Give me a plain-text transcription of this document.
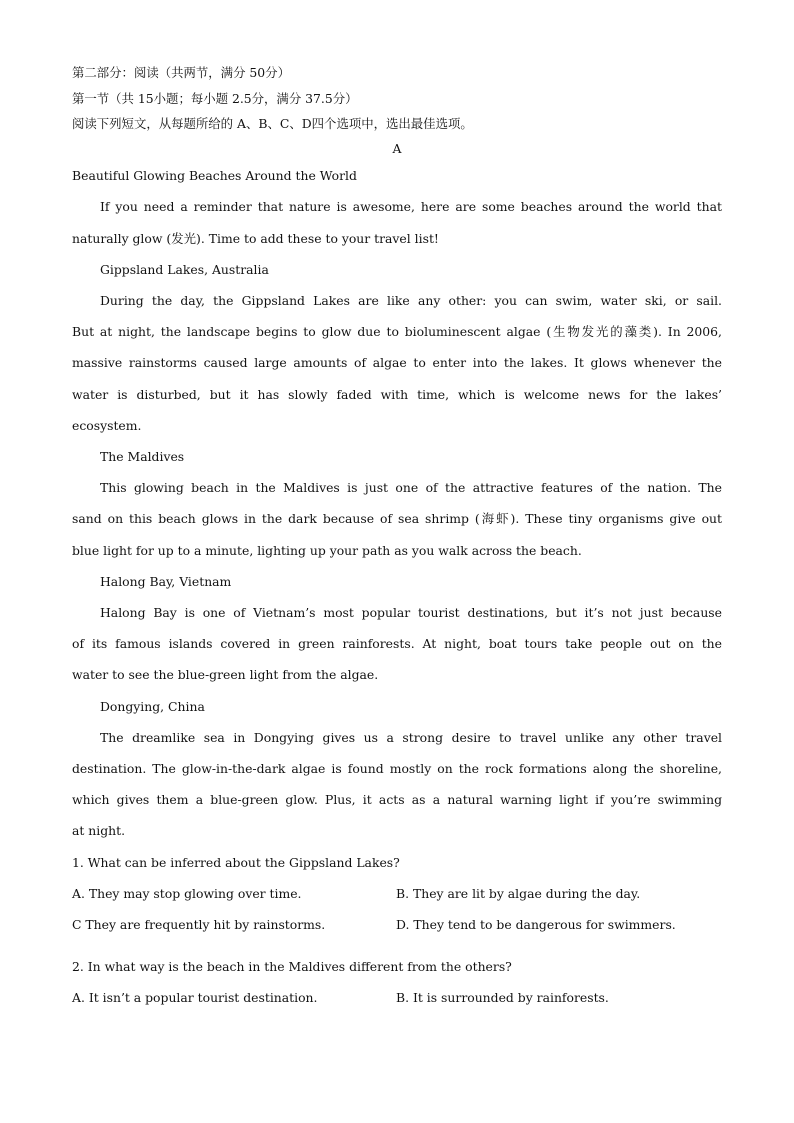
第二部分：阅读（共两节，满分 50分）
第一节（共 15小题；每小题 2.5分，满分 37.5分）
阅读下列短文，从每题所给的 A、B、C、D四个选项中，选出最佳选项。
A
Beautiful Glowing Beaches Around the World
If you need a reminder that nature is awesome, here are some beaches around the world that
naturally glow (发光). Time to add these to your travel list!
Gippsland Lakes, Australia
During the day, the Gippsland Lakes are like any other: you can swim, water ski, or sail.
But at night, the landscape begins to glow due to bioluminescent algae (生物发光的藻类). In 2006,
massive rainstorms caused large amounts of algae to enter into the lakes. It glows whenever the
water is disturbed, but it has slowly faded with time, which is welcome news for the lakes’
ecosystem.
The Maldives
This glowing beach in the Maldives is just one of the attractive features of the nation. The
sand on this beach glows in the dark because of sea shrimp (海虾). These tiny organisms give out
blue light for up to a minute, lighting up your path as you walk across the beach.
Halong Bay, Vietnam
Halong Bay is one of Vietnam’s most popular tourist destinations, but it’s not just because
of its famous islands covered in green rainforests. At night, boat tours take people out on the
water to see the blue-green light from the algae.
Dongying, China
The dreamlike sea in Dongying gives us a strong desire to travel unlike any other travel
destination. The glow-in-the-dark algae is found mostly on the rock formations along the shoreline,
which gives them a blue-green glow. Plus, it acts as a natural warning light if you’re swimming
at night.
1. What can be inferred about the Gippsland Lakes?
A. They may stop glowing over time.	B. They are lit by algae during the day.
C They are frequently hit by rainstorms.	D. They tend to be dangerous for swimmers.
2. In what way is the beach in the Maldives different from the others?
A. It isn’t a popular tourist destination.	B. It is surrounded by rainforests.
